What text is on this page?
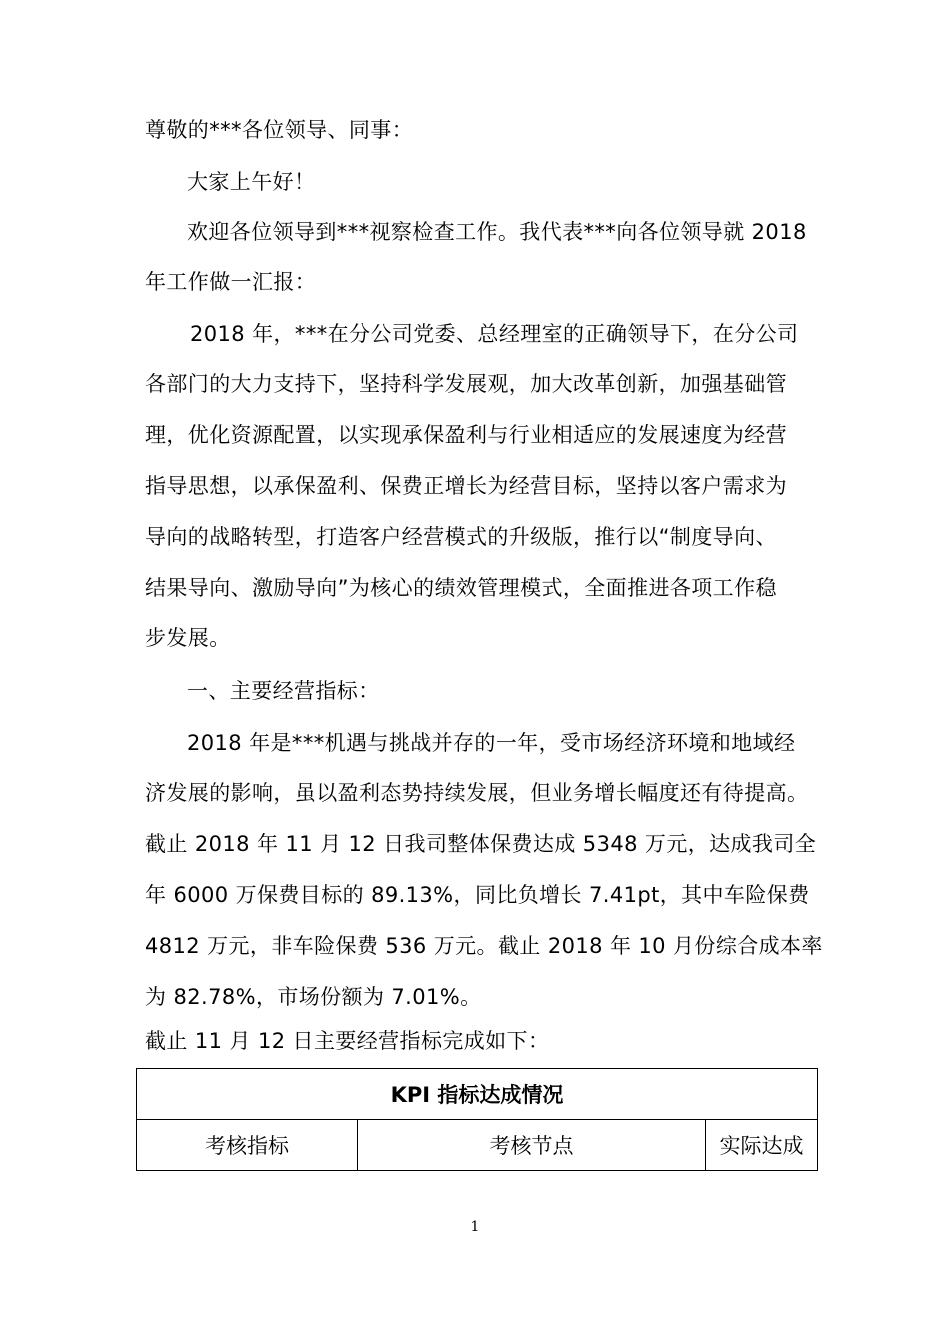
尊敬的***各位领导、同事：
大家上午好！
欢迎各位领导到***视察检查工作。我代表***向各位领导就 2018
年工作做一汇报：
2018 年，***在分公司党委、总经理室的正确领导下，在分公司
各部门的大力支持下，坚持科学发展观，加大改革创新，加强基础管
理，优化资源配置，以实现承保盈利与行业相适应的发展速度为经营
指导思想，以承保盈利、保费正增长为经营目标，坚持以客户需求为
导向的战略转型，打造客户经营模式的升级版，推行以“制度导向、
结果导向、激励导向”为核心的绩效管理模式，全面推进各项工作稳
步发展。
一、主要经营指标：
2018 年是***机遇与挑战并存的一年，受市场经济环境和地域经
济发展的影响，虽以盈利态势持续发展，但业务增长幅度还有待提高。
截止 2018 年 11 月 12 日我司整体保费达成 5348 万元，达成我司全
年 6000 万保费目标的 89.13%，同比负增长 7.41pt，其中车险保费
4812 万元，非车险保费 536 万元。截止 2018 年 10 月份综合成本率
为 82.78%，市场份额为 7.01%。
截止 11 月 12 日主要经营指标完成如下：
KPI 指标达成情况
考核指标	考核节点	实际达成
1
